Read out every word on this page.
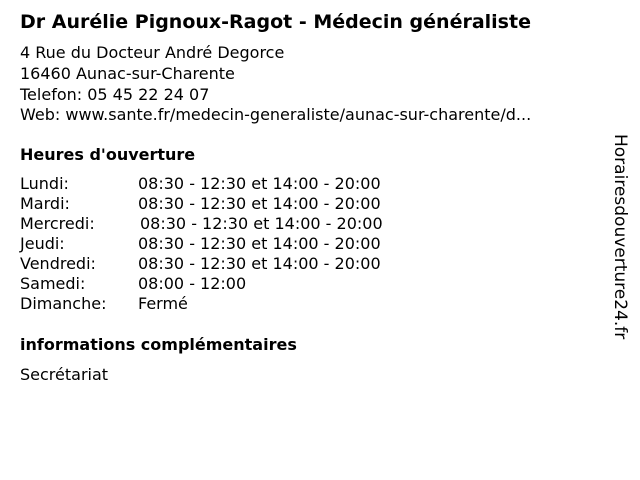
Dr Aurélie Pignoux-Ragot - Médecin généraliste
4 Rue du Docteur André Degorce
16460 Aunac-sur-Charente
Telefon: 05 45 22 24 07
Web: www.sante.fr/medecin-generaliste/aunac-sur-charente/d...
Heures d'ouverture
Lundi:	08:30 - 12:30 et 14:00 - 20:00
Mardi:	08:30 - 12:30 et 14:00 - 20:00
Mercredi:	08:30 - 12:30 et 14:00 - 20:00
Jeudi:	08:30 - 12:30 et 14:00 - 20:00
Vendredi:	08:30 - 12:30 et 14:00 - 20:00
Samedi:	08:00 - 12:00
Dimanche: Fermé
informations complémentaires
Secrétariat
Horairesdouverture24.fr
